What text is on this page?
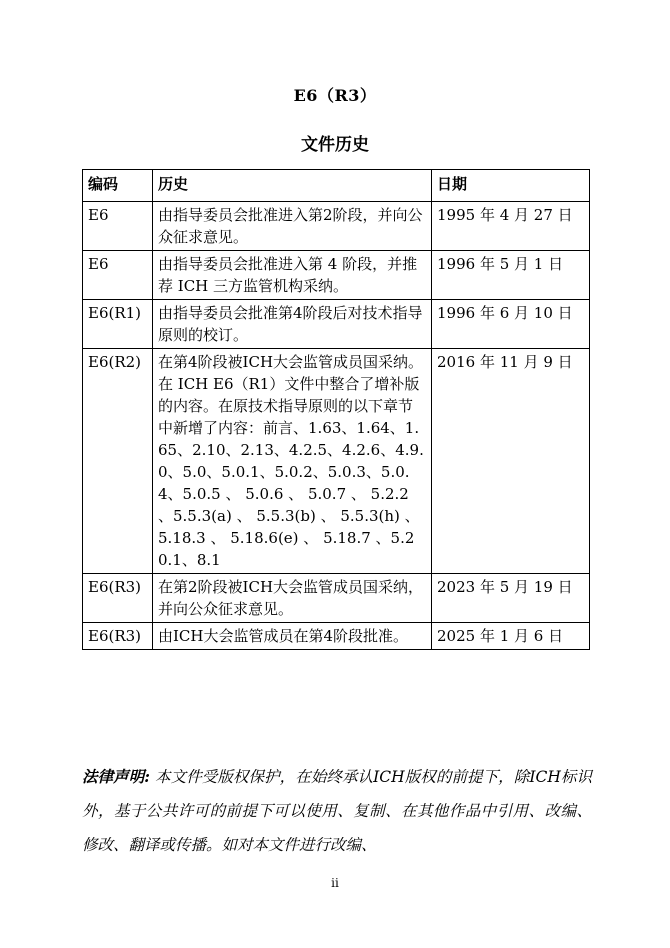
E6（R3）
文件历史
编码	历史	日期
E6	由指导委员会批准进入第2阶段，并向公众征求意见。	1995 年 4 月 27 日
E6	由指导委员会批准进入第 4 阶段，并推荐 ICH 三方监管机构采纳。	1996 年 5 月 1 日
E6(R1)	由指导委员会批准第4阶段后对技术指导原则的校订。	1996 年 6 月 10 日
E6(R2)	在第4阶段被ICH大会监管成员国采纳。在 ICH E6（R1）文件中整合了增补版的内容。在原技术指导原则的以下章节中新增了内容：前言、1.63、1.64、1.65、2.10、2.13、4.2.5、4.2.6、4.9.0、5.0、5.0.1、5.0.2、5.0.3、5.0.4、5.0.5 、 5.0.6 、 5.0.7 、 5.2.2 、5.5.3(a) 、 5.5.3(b) 、 5.5.3(h) 、5.18.3 、 5.18.6(e) 、 5.18.7 、5.20.1、8.1	2016 年 11 月 9 日
E6(R3)	在第2阶段被ICH大会监管成员国采纳，并向公众征求意见。	2023 年 5 月 19 日
E6(R3)	由ICH大会监管成员在第4阶段批准。	2025 年 1 月 6 日
法律声明: 本文件受版权保护，在始终承认ICH版权的前提下，除ICH标识外，基于公共许可的前提下可以使用、复制、在其他作品中引用、改编、修改、翻译或传播。如对本文件进行改编、
ii
